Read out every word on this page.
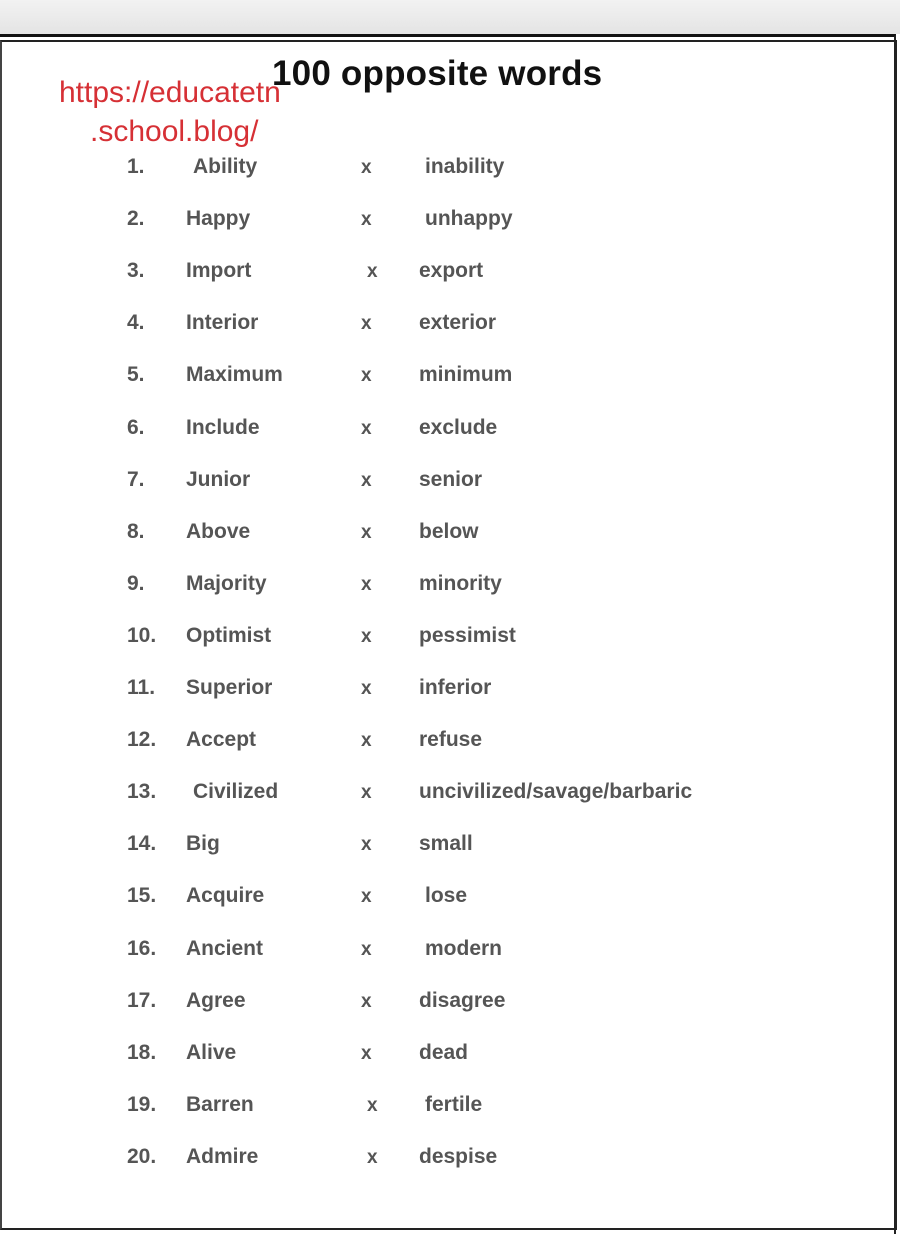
100 opposite words
https://educatetn
.school.blog/
1. Ability	x	inability
2. Happy	x	unhappy
3. Import	x export
4. Interior	x exterior
5. Maximum	x minimum
6. Include	x exclude
7. Junior	x senior
8. Above	x below
9. Majority	x minority
10. Optimist	x pessimist
11. Superior	x inferior
12. Accept	x refuse
13. Civilized	x uncivilized/savage/barbaric
14. Big	x small
15. Acquire	x	lose
16. Ancient	x	modern
17. Agree	x disagree
18. Alive	x dead
19. Barren	x fertile
20. Admire	x despise
